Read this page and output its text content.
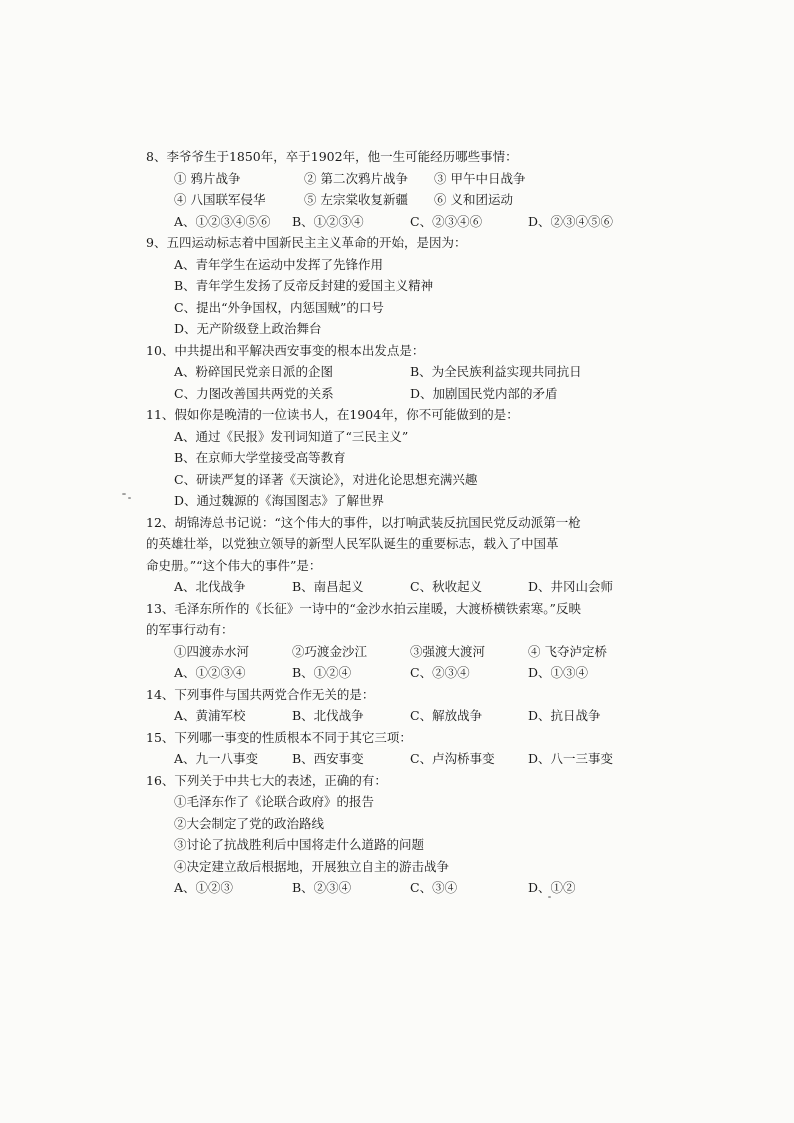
8、李爷爷生于1850年，卒于1902年，他一生可能经历哪些事情：
① 鸦片战争	② 第二次鸦片战争	③ 甲午中日战争
④ 八国联军侵华	⑤ 左宗棠收复新疆	⑥ 义和团运动
A、①②③④⑤⑥	B、①②③④	C、②③④⑥	D、②③④⑤⑥
9、五四运动标志着中国新民主主义革命的开始，是因为：
A、青年学生在运动中发挥了先锋作用
B、青年学生发扬了反帝反封建的爱国主义精神
C、提出“外争国权，内惩国贼”的口号
D、无产阶级登上政治舞台
10、中共提出和平解决西安事变的根本出发点是：
A、粉碎国民党亲日派的企图	B、为全民族利益实现共同抗日
C、力图改善国共两党的关系	D、加剧国民党内部的矛盾
11、假如你是晚清的一位读书人，在1904年，你不可能做到的是：
A、通过《民报》发刊词知道了“三民主义”
B、在京师大学堂接受高等教育
C、研读严复的译著《天演论》，对进化论思想充满兴趣
D、通过魏源的《海国图志》了解世界
12、胡锦涛总书记说：“这个伟大的事件，以打响武装反抗国民党反动派第一枪
的英雄壮举，以党独立领导的新型人民军队诞生的重要标志，载入了中国革
命史册。”“这个伟大的事件”是：
A、北伐战争	B、南昌起义	C、秋收起义	D、井冈山会师
13、毛泽东所作的《长征》一诗中的“金沙水拍云崖暖，大渡桥横铁索寒。”反映
的军事行动有：
①四渡赤水河	②巧渡金沙江	③强渡大渡河	④ 飞夺泸定桥
A、①②③④	B、①②④	C、②③④	D、①③④
14、下列事件与国共两党合作无关的是：
A、黄浦军校	B、北伐战争	C、解放战争	D、抗日战争
15、下列哪一事变的性质根本不同于其它三项：
A、九一八事变	B、西安事变	C、卢沟桥事变	D、八一三事变
16、下列关于中共七大的表述，正确的有：
①毛泽东作了《论联合政府》的报告
②大会制定了党的政治路线
③讨论了抗战胜利后中国将走什么道路的问题
④决定建立敌后根据地，开展独立自主的游击战争
A、①②③	B、②③④	C、③④	D、①②
